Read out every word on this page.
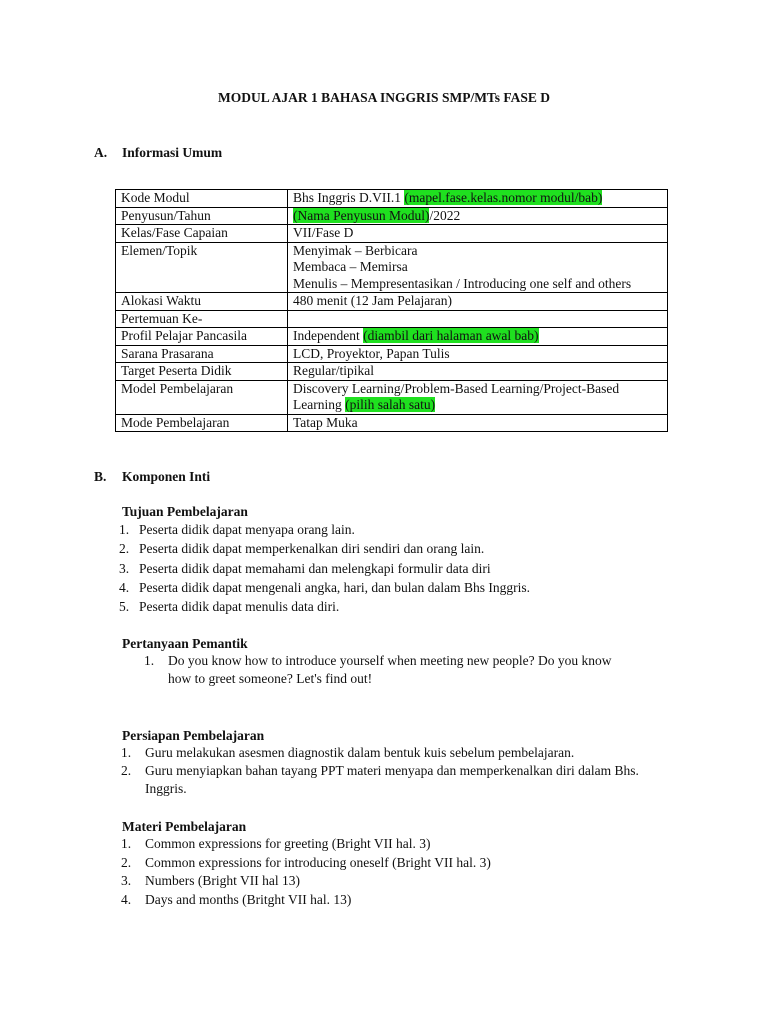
MODUL AJAR 1 BAHASA INGGRIS SMP/MTs FASE D
A. Informasi Umum
Kode Modul	Bhs Inggris D.VII.1 (mapel.fase.kelas.nomor modul/bab)
Penyusun/Tahun	(Nama Penyusun Modul)/2022
Kelas/Fase Capaian	VII/Fase D
Elemen/Topik	Menyimak – Berbicara
Membaca – Memirsa
Menulis – Mempresentasikan / Introducing one self and others

Alokasi Waktu	480 menit (12 Jam Pelajaran)
Pertemuan Ke-	
Profil Pelajar Pancasila	Independent (diambil dari halaman awal bab)
Sarana Prasarana	LCD, Proyektor, Papan Tulis
Target Peserta Didik	Regular/tipikal
Model Pembelajaran	Discovery Learning/Problem-Based Learning/Project-Based Learning (pilih salah satu)
Mode Pembelajaran	Tatap Muka
B. Komponen Inti
Tujuan Pembelajaran
1. Peserta didik dapat menyapa orang lain.
2. Peserta didik dapat memperkenalkan diri sendiri dan orang lain.
3. Peserta didik dapat memahami dan melengkapi formulir data diri
4. Peserta didik dapat mengenali angka, hari, dan bulan dalam Bhs Inggris.
5. Peserta didik dapat menulis data diri.
Pertanyaan Pemantik
1. Do you know how to introduce yourself when meeting new people? Do you know
how to greet someone? Let's find out!
Persiapan Pembelajaran
1. Guru melakukan asesmen diagnostik dalam bentuk kuis sebelum pembelajaran.
2. Guru menyiapkan bahan tayang PPT materi menyapa dan memperkenalkan diri dalam Bhs. Inggris.
Materi Pembelajaran
1. Common expressions for greeting (Bright VII hal. 3)
2. Common expressions for introducing oneself (Bright VII hal. 3)
3. Numbers (Bright VII hal 13)
4. Days and months (Britght VII hal. 13)
